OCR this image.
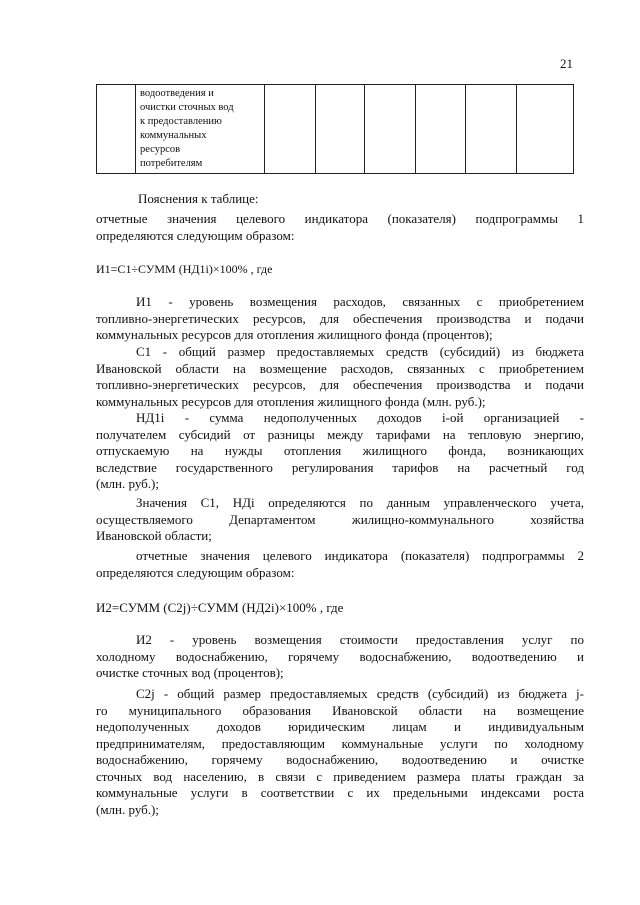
21

водоотведения и
очистки сточных вод
к предоставлению
коммунальных
ресурсов
потребителям

Пояснения к таблице:
отчетные значения целевого индикатора (показателя) подпрограммы 1
определяются следующим образом:
И1=С1÷СУММ (НД1i)×100% , где
И1 - уровень возмещения расходов, связанных с приобретением
топливно-энергетических ресурсов, для обеспечения производства и подачи
коммунальных ресурсов для отопления жилищного фонда (процентов);
С1 - общий размер предоставляемых средств (субсидий) из бюджета
Ивановской области на возмещение расходов, связанных с приобретением
топливно-энергетических ресурсов, для обеспечения производства и подачи
коммунальных ресурсов для отопления жилищного фонда (млн. руб.);
НД1i - сумма недополученных доходов i-ой организацией -
получателем субсидий от разницы между тарифами на тепловую энергию,
отпускаемую на нужды отопления жилищного фонда, возникающих
вследствие государственного регулирования тарифов на расчетный год
(млн. руб.);
Значения С1, НДi определяются по данным управленческого учета,
осуществляемого Департаментом жилищно-коммунального хозяйства
Ивановской области;
отчетные значения целевого индикатора (показателя) подпрограммы 2
определяются следующим образом:
И2=СУММ (С2j)÷СУММ (НД2i)×100% , где
И2 - уровень возмещения стоимости предоставления услуг по
холодному водоснабжению, горячему водоснабжению, водоотведению и
очистке сточных вод (процентов);
С2j - общий размер предоставляемых средств (субсидий) из бюджета j-
го муниципального образования Ивановской области на возмещение
недополученных доходов юридическим лицам и индивидуальным
предпринимателям, предоставляющим коммунальные услуги по холодному
водоснабжению, горячему водоснабжению, водоотведению и очистке
сточных вод населению, в связи с приведением размера платы граждан за
коммунальные услуги в соответствии с их предельными индексами роста
(млн. руб.);
